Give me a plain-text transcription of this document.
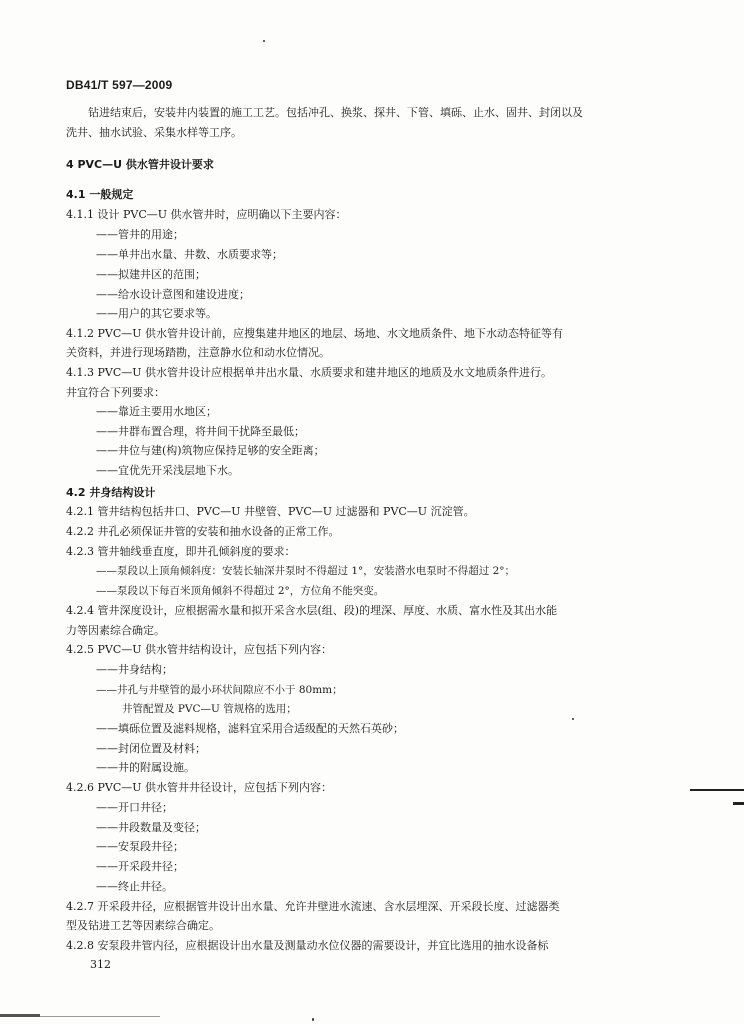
DB41/T 597—2009
钻进结束后，安装井内装置的施工工艺。包括冲孔、换浆、探井、下管、填砾、止水、固井、封闭以及
洗井、抽水试验、采集水样等工序。
4 PVC—U 供水管井设计要求
4.1 一般规定
4.1.1 设计 PVC—U 供水管井时，应明确以下主要内容：
——管井的用途；
——单井出水量、井数、水质要求等；
——拟建井区的范围；
——给水设计意图和建设进度；
——用户的其它要求等。
4.1.2 PVC—U 供水管井设计前，应搜集建井地区的地层、场地、水文地质条件、地下水动态特征等有
关资料，并进行现场踏勘，注意静水位和动水位情况。
4.1.3 PVC—U 供水管井设计应根据单井出水量、水质要求和建井地区的地质及水文地质条件进行。
井宜符合下列要求：
——靠近主要用水地区；
——井群布置合理，将井间干扰降至最低；
——井位与建(构)筑物应保持足够的安全距离；
——宜优先开采浅层地下水。
4.2 井身结构设计
4.2.1 管井结构包括井口、PVC—U 井壁管、PVC—U 过滤器和 PVC—U 沉淀管。
4.2.2 井孔必须保证井管的安装和抽水设备的正常工作。
4.2.3 管井轴线垂直度，即井孔倾斜度的要求：
——泵段以上顶角倾斜度：安装长轴深井泵时不得超过 1°，安装潜水电泵时不得超过 2°；
——泵段以下每百米顶角倾斜不得超过 2°，方位角不能突变。
4.2.4 管井深度设计，应根据需水量和拟开采含水层(组、段)的埋深、厚度、水质、富水性及其出水能
力等因素综合确定。
4.2.5 PVC—U 供水管井结构设计，应包括下列内容：
——井身结构；
——井孔与井壁管的最小环状间隙应不小于 80mm；
井管配置及 PVC—U 管规格的选用；
——填砾位置及滤料规格，滤料宜采用合适级配的天然石英砂；
——封闭位置及材料；
——井的附属设施。
4.2.6 PVC—U 供水管井井径设计，应包括下列内容：
——开口井径；
——井段数量及变径；
——安泵段井径；
——开采段井径；
——终止井径。
4.2.7 开采段井径，应根据管井设计出水量、允许井壁进水流速、含水层埋深、开采段长度、过滤器类
型及钻进工艺等因素综合确定。
4.2.8 安泵段井管内径，应根据设计出水量及测量动水位仪器的需要设计，并宜比选用的抽水设备标
312
